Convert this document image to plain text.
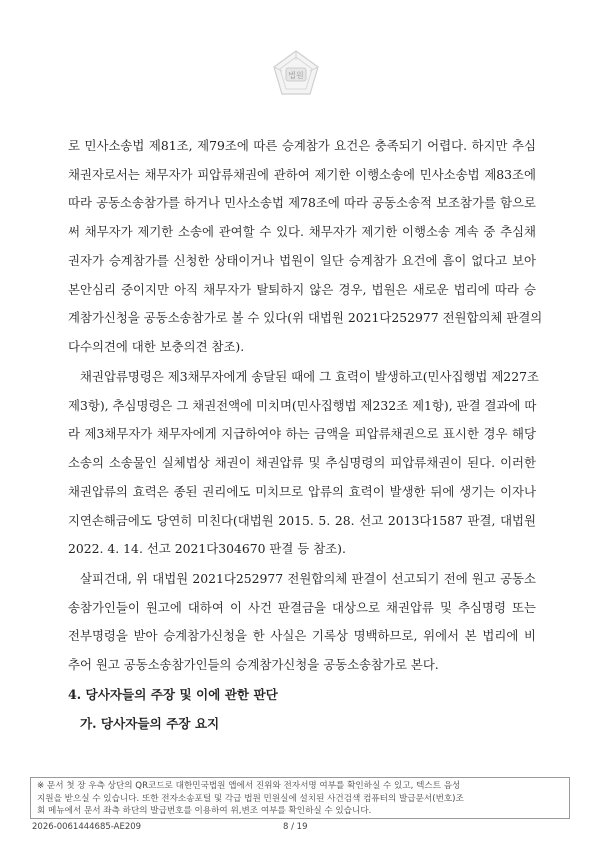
법원
로 민사소송법 제81조, 제79조에 따른 승계참가 요건은 충족되기 어렵다. 하지만 추심
채권자로서는 채무자가 피압류채권에 관하여 제기한 이행소송에 민사소송법 제83조에
따라 공동소송참가를 하거나 민사소송법 제78조에 따라 공동소송적 보조참가를 함으로
써 채무자가 제기한 소송에 관여할 수 있다. 채무자가 제기한 이행소송 계속 중 추심채
권자가 승계참가를 신청한 상태이거나 법원이 일단 승계참가 요건에 흠이 없다고 보아
본안심리 중이지만 아직 채무자가 탈퇴하지 않은 경우, 법원은 새로운 법리에 따라 승
계참가신청을 공동소송참가로 볼 수 있다(위 대법원 2021다252977 전원합의체 판결의
다수의견에 대한 보충의견 참조).
채권압류명령은 제3채무자에게 송달된 때에 그 효력이 발생하고(민사집행법 제227조
제3항), 추심명령은 그 채권전액에 미치며(민사집행법 제232조 제1항), 판결 결과에 따
라 제3채무자가 채무자에게 지급하여야 하는 금액을 피압류채권으로 표시한 경우 해당
소송의 소송물인 실체법상 채권이 채권압류 및 추심명령의 피압류채권이 된다. 이러한
채권압류의 효력은 종된 권리에도 미치므로 압류의 효력이 발생한 뒤에 생기는 이자나
지연손해금에도 당연히 미친다(대법원 2015. 5. 28. 선고 2013다1587 판결, 대법원
2022. 4. 14. 선고 2021다304670 판결 등 참조).
살피건대, 위 대법원 2021다252977 전원합의체 판결이 선고되기 전에 원고 공동소
송참가인들이 원고에 대하여 이 사건 판결금을 대상으로 채권압류 및 추심명령 또는
전부명령을 받아 승계참가신청을 한 사실은 기록상 명백하므로, 위에서 본 법리에 비
추어 원고 공동소송참가인들의 승계참가신청을 공동소송참가로 본다.
4. 당사자들의 주장 및 이에 관한 판단
가. 당사자들의 주장 요지
※ 문서 첫 장 우측 상단의 QR코드로 대한민국법원 앱에서 진위와 전자서명 여부를 확인하실 수 있고, 텍스트 음성
지원을 받으실 수 있습니다. 또한 전자소송포털 및 각급 법원 민원실에 설치된 사건검색 컴퓨터의 발급문서(번호)조
회 메뉴에서 문서 좌측 하단의 발급번호를 이용하여 위,변조 여부를 확인하실 수 있습니다.
2026-0061444685-AE209	8 / 19
